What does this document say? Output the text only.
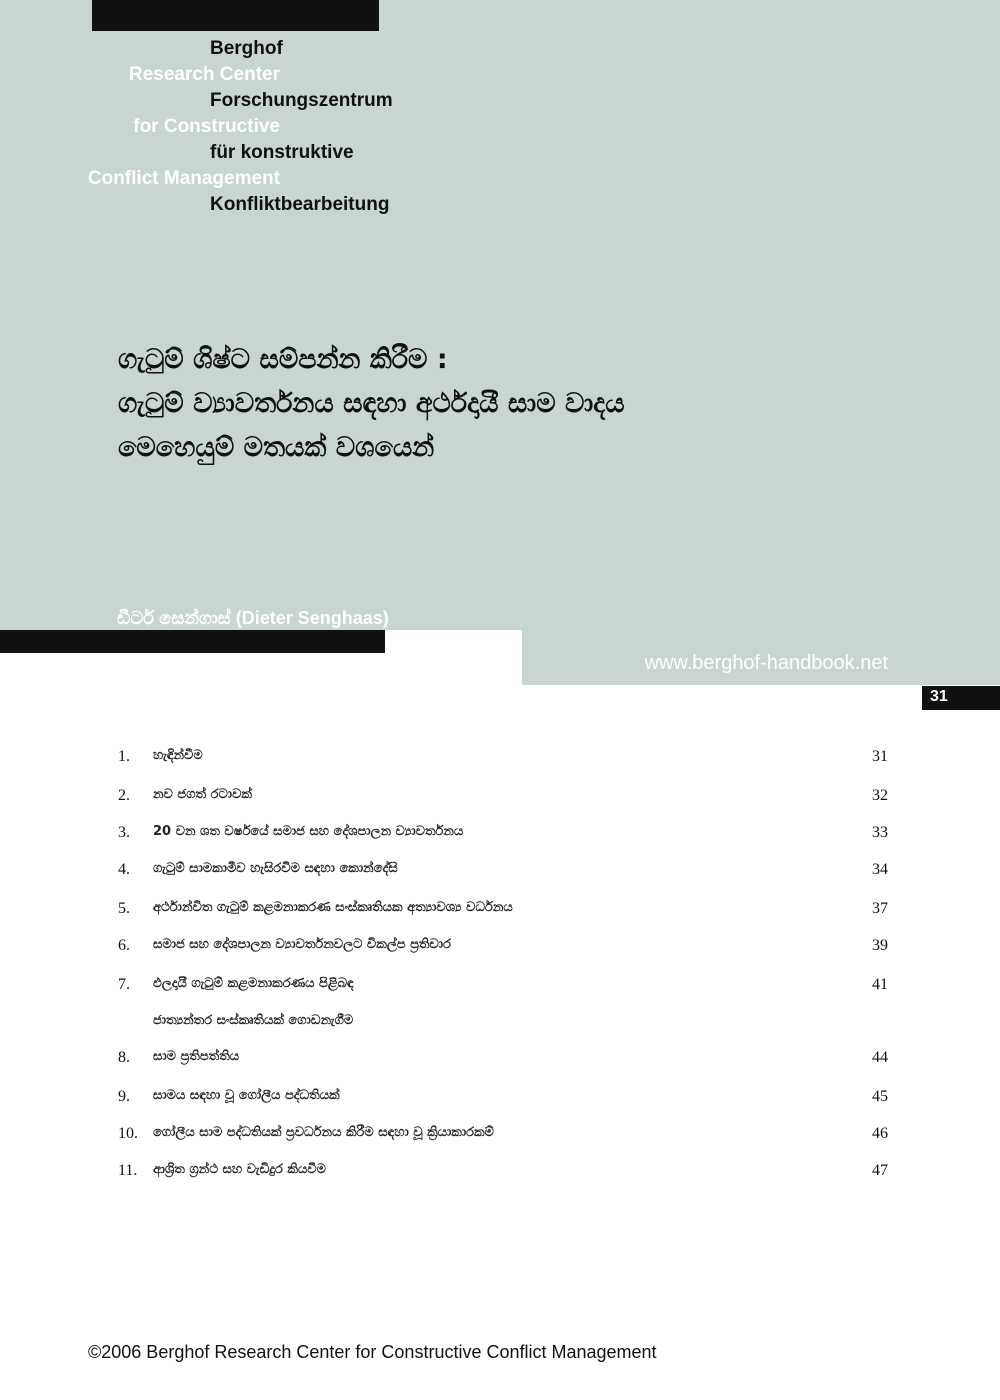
Berghof
Research Center
Forschungszentrum
for Constructive
für konstruktive
Conflict Management
Konfliktbearbeitung
ගැටුම් ශිෂ්ට සම්පන්න කිරීම :
ගැටුම් ව්‍යාවර්තනය සඳහා අර්ථදායී සාම වාදය
මෙහෙයුම් මතයක් වශයෙන්
ඩීටර් සෙන්ගාස් (Dieter Senghaas)
www.berghof-handbook.net
31
1. හැඳින්වීම	31
2. නව ජගත් රටාවක්	32
3. 20 වන ශත වර්ෂයේ සමාජ සහ දේශපාලන ව්‍යාවර්තනය	33
4. ගැටුම් සාමකාමීව හැසිරවීම සඳහා කොන්දේසි	34
5. අර්ථාන්විත ගැටුම් කළමනාකරණ සංස්කෘතියක අත්‍යාවශ්‍ය වර්ධනය	37
6. සමාජ සහ දේශපාලන ව්‍යාවර්තනවලට විකල්ප ප්‍රතිචාර	39
7. ඵලදායී ගැටුම් කළමනාකරණය පිළිබඳ
ජාත්‍යන්තර සංස්කෘතියක් ගොඩනැගීම
41
8. සාම ප්‍රතිපත්තිය	44
9. සාමය සඳහා වූ ගෝලීය පද්ධතියක්	45
10. ගෝලීය සාම පද්ධතියක් ප්‍රවර්ධනය කිරීම සඳහා වූ ක්‍රියාකාරකම්	46
11. ආශ්‍රිත ග්‍රන්ථ සහ වැඩිදුර කියවීම	47
©2006 Berghof Research Center for Constructive Conflict Management
